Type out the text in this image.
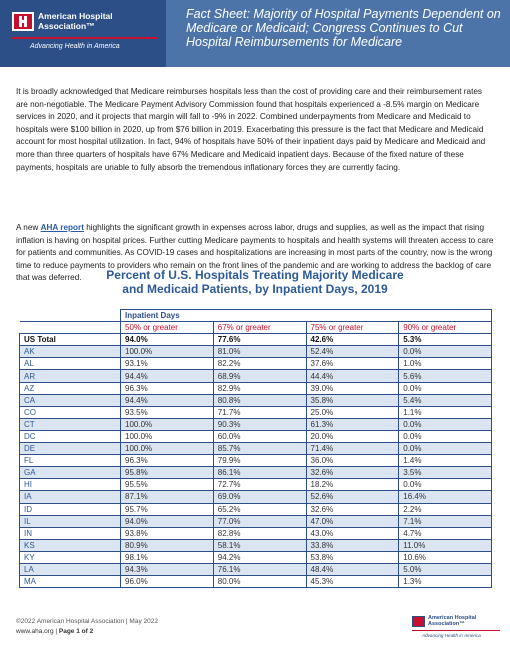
American Hospital
Association™
Advancing Health in America
Fact Sheet: Majority of Hospital Payments Dependent on Medicare or Medicaid; Congress Continues to Cut Hospital Reimbursements for Medicare

It is broadly acknowledged that Medicare reimburses hospitals less than the cost of providing care and their reimbursement rates are non-negotiable. The Medicare Payment Advisory Commission found that hospitals experienced a -8.5% margin on Medicare services in 2020, and it projects that margin will fall to -9% in 2022. Combined underpayments from Medicare and Medicaid to hospitals were $100 billion in 2020, up from $76 billion in 2019. Exacerbating this pressure is the fact that Medicare and Medicaid account for most hospital utilization. In fact, 94% of hospitals have 50% of their inpatient days paid by Medicare and Medicaid and more than three quarters of hospitals have 67% Medicare and Medicaid inpatient days. Because of the fixed nature of these payments, hospitals are unable to fully absorb the tremendous inflationary forces they are currently facing.

A new AHA report highlights the significant growth in expenses across labor, drugs and supplies, as well as the impact that rising inflation is having on hospital prices. Further cutting Medicare payments to hospitals and health systems will threaten access to care for patients and communities. As COVID-19 cases and hospitalizations are increasing in most parts of the country, now is the wrong time to reduce payments to providers who remain on the front lines of the pandemic and are working to address the backlog of care that was deferred.	Percent of U.S. Hospitals Treating Majority Medicare
and Medicaid Patients, by Inpatient Days, 2019
	Inpatient Days			
	50% or greater	67% or greater	75% or greater	90% or greater
US Total	94.0%	77.6%	42.6%	5.3%
AK	100.0%	81.0%	52.4%	0.0%
AL	93.1%	82.2%	37.6%	1.0%
AR	94.4%	68.9%	44.4%	5.6%
AZ	96.3%	82.9%	39.0%	0.0%
CA	94.4%	80.8%	35.8%	5.4%
CO	93.5%	71.7%	25.0%	1.1%
CT	100.0%	90.3%	61.3%	0.0%
DC	100.0%	60.0%	20.0%	0.0%
DE	100.0%	85.7%	71.4%	0.0%
FL	96.3%	79.9%	36.0%	1.4%
GA	95.8%	86.1%	32.6%	3.5%
HI	95.5%	72.7%	18.2%	0.0%
IA	87.1%	69.0%	52.6%	16.4%
ID	95.7%	65.2%	32.6%	2.2%
IL	94.0%	77.0%	47.0%	7.1%
IN	93.8%	82.8%	43.0%	4.7%
KS	80.9%	58.1%	33.8%	11.0%
KY	98.1%	94.2%	53.8%	10.6%
LA	94.3%	76.1%	48.4%	5.0%
MA	96.0%	80.0%	45.3%	1.3%
©2022 American Hospital Association | May 2022
www.aha.org | Page 1 of 2
American Hospital
Association™
Advancing Health in America
